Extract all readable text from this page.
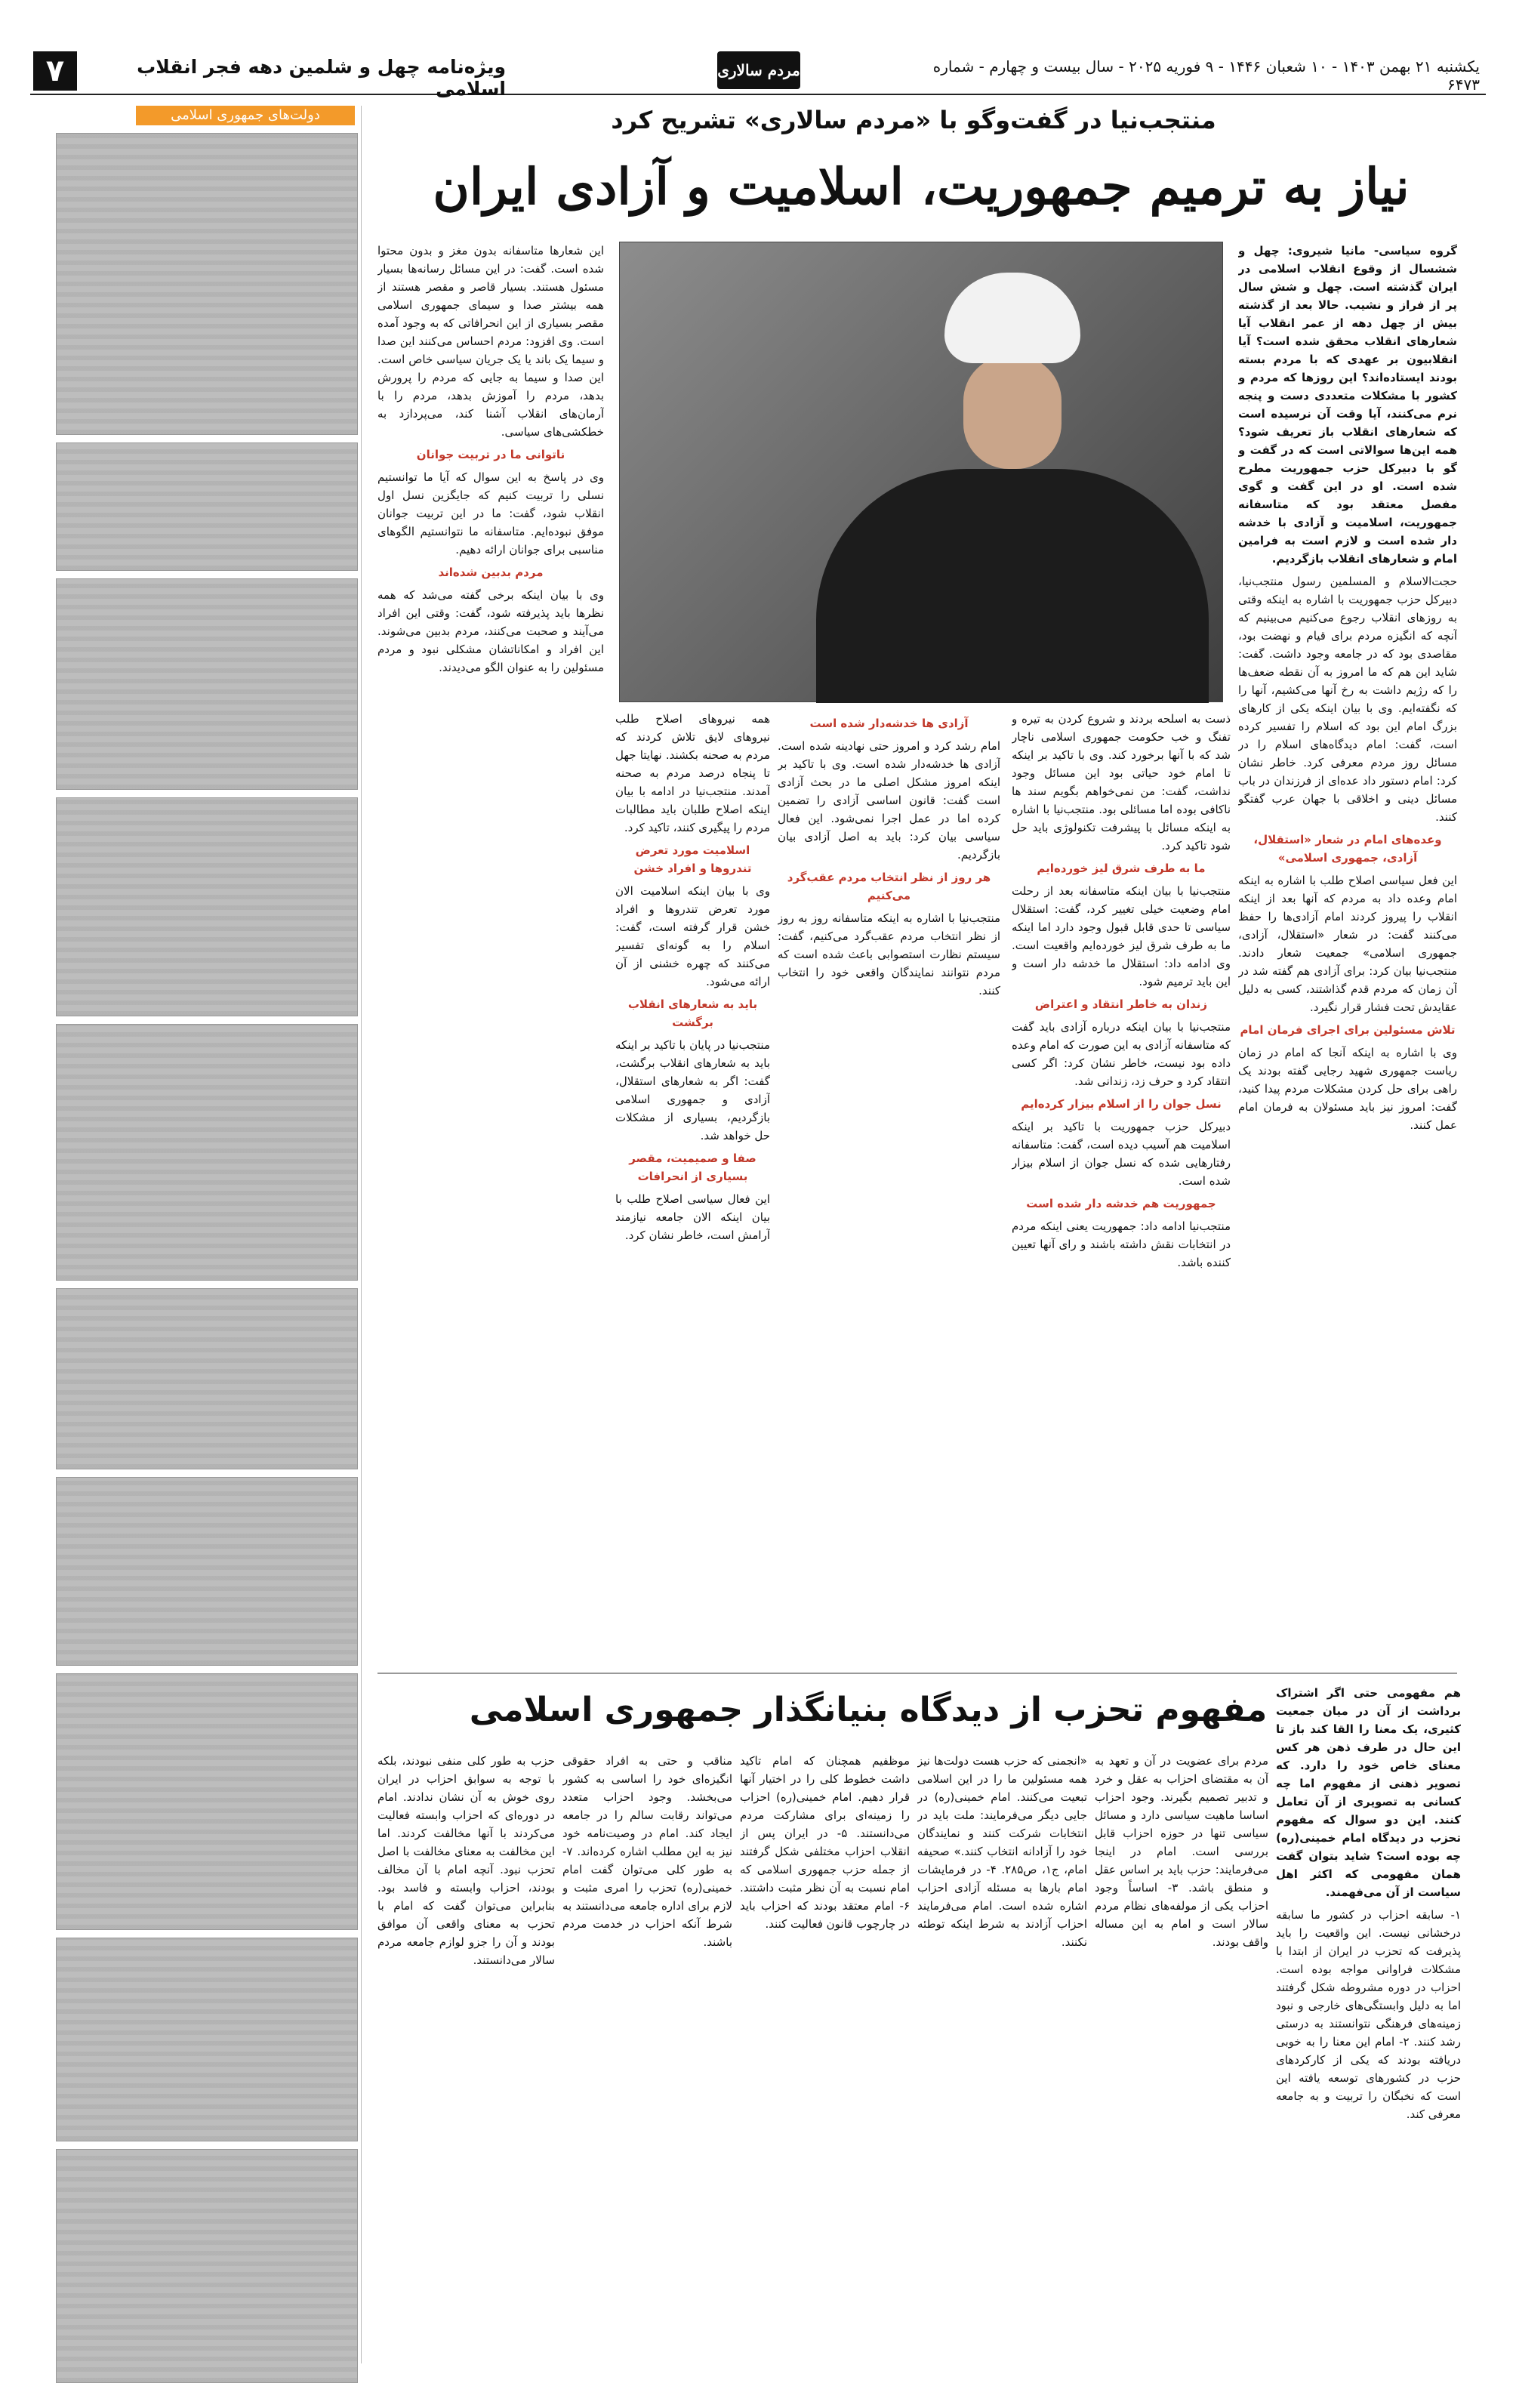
۷	ویژه‌نامه چهل و شلمین دهه فجر انقلاب اسلامی
مردم سالاری	یکشنبه ۲۱ بهمن ۱۴۰۳ - ۱۰ شعبان ۱۴۴۶ - ۹ فوریه ۲۰۲۵ - سال بیست و چهارم - شماره ۶۴۷۳
دولت‌های جمهوری اسلامی	منتجب‌نیا در گفت‌وگو با «مردم سالاری» تشریح کرد
نیاز به ترمیم جمهوریت، اسلامیت و آزادی ایران

گروه سیاسی- مانیا شیروی: چهل و ششسال از وقوع انقلاب اسلامی در ایران گذشته است. چهل و شش سال پر از فراز و نشیب. حالا بعد از گذشته بیش از چهل دهه از عمر انقلاب آیا شعارهای انقلاب محقق شده است؟ آیا انقلابیون بر عهدی که با مردم بسته بودند ایستاده‌اند؟ این روزها که مردم و کشور با مشکلات متعددی دست و پنجه نرم می‌کنند، آیا وقت آن نرسیده است که شعارهای انقلاب باز تعریف شود؟ همه این‌ها سوالاتی است که در گفت و گو با دبیرکل حزب جمهوریت مطرح شده است. او در این گفت و گوی مفصل معتقد بود که متاسفانه جمهوریت، اسلامیت و آزادی با خدشه دار شده است و لازم است به فرامین امام و شعارهای انقلاب بازگردیم.

حجت‌الاسلام و المسلمین رسول منتجب‌نیا، دبیرکل حزب جمهوریت با اشاره به اینکه وقتی به روزهای انقلاب رجوع می‌کنیم می‌بینیم که آنچه که انگیزه مردم برای قیام و نهضت بود، مقاصدی بود که در جامعه وجود داشت. گفت: شاید این هم که ما امروز به آن نقطه ضعف‌ها را که رژیم داشت به رخ آنها می‌کشیم، آنها را که نگفته‌ایم. وی با بیان اینکه یکی از کارهای بزرگ امام این بود که اسلام را تفسیر کرده است، گفت: امام دیدگاه‌های اسلام را در مسائل روز مردم معرفی کرد. خاطر نشان کرد: امام دستور داد عده‌ای از فرزندان در باب مسائل دینی و اخلاقی با جهان عرب گفتگو کنند.

وعده‌های امام در شعار «استقلال، آزادی، جمهوری اسلامی»

این فعل سیاسی اصلاح طلب با اشاره به اینکه امام وعده داد به مردم که آنها بعد از اینکه انقلاب را پیروز کردند امام آزادی‌ها را حفظ می‌کنند گفت: در شعار «استقلال، آزادی، جمهوری اسلامی» جمعیت شعار دادند. منتجب‌نیا بیان کرد: برای آزادی هم گفته شد در آن زمان که مردم قدم گذاشتند، کسی به دلیل عقایدش تحت فشار قرار نگیرد.

تلاش مسئولین برای اجرای فرمان امام

وی با اشاره به اینکه آنجا که امام در زمان ریاست جمهوری شهید رجایی گفته بودند یک راهی برای حل کردن مشکلات مردم پیدا کنید، گفت: امروز نیز باید مسئولان به فرمان امام عمل کنند.

ذست به اسلحه بردند و شروع کردن به تیره و تفنگ و خب حکومت جمهوری اسلامی ناچار شد که با آنها برخورد کند. وی با تاکید بر اینکه تا امام خود حیاتی بود این مسائل وجود نداشت، گفت: من نمی‌خواهم بگویم سند ها ناکافی بوده اما مسائلی بود. منتجب‌نیا با اشاره به اینکه مسائل با پیشرفت تکنولوژی باید حل شود تاکید کرد.

ما به طرف شرق لیز خورده‌ایم

منتجب‌نیا با بیان اینکه متاسفانه بعد از رحلت امام وضعیت خیلی تغییر کرد، گفت: استقلال سیاسی تا حدی قابل قبول وجود دارد اما اینکه ما به طرف شرق لیز خورده‌ایم واقعیت است. وی ادامه داد: استقلال ما خدشه دار است و این باید ترمیم شود.

زندان به خاطر انتقاد و اعتراض

منتجب‌نیا با بیان اینکه درباره آزادی باید گفت که متاسفانه آزادی به این صورت که امام وعده داده بود نیست، خاطر نشان کرد: اگر کسی انتقاد کرد و حرف زد، زندانی شد.

نسل جوان را از اسلام بیزار کرده‌ایم

دبیرکل حزب جمهوریت با تاکید بر اینکه اسلامیت هم آسیب دیده است، گفت: متاسفانه رفتارهایی شده که نسل جوان از اسلام بیزار شده است.

جمهوریت هم خدشه دار شده است

منتجب‌نیا ادامه داد: جمهوریت یعنی اینکه مردم در انتخابات نقش داشته باشند و رای آنها تعیین کننده باشد.

آزادی ها خدشه‌دار شده است

امام رشد کرد و امروز حتی نهادینه شده است. آزادی ها خدشه‌دار شده است. وی با تاکید بر اینکه امروز مشکل اصلی ما در بحث آزادی است گفت: قانون اساسی آزادی را تضمین کرده اما در عمل اجرا نمی‌شود. این فعال سیاسی بیان کرد: باید به اصل آزادی بیان بازگردیم.

هر روز از نظر انتخاب مردم عقب‌گرد می‌کنیم

منتجب‌نیا با اشاره به اینکه متاسفانه روز به روز از نظر انتخاب مردم عقب‌گرد می‌کنیم، گفت: سیستم نظارت استصوابی باعث شده است که مردم نتوانند نمایندگان واقعی خود را انتخاب کنند.

همه نیروهای اصلاح طلب نیروهای لایق تلاش کردند که مردم به صحنه بکشند. نهایتا جهل تا پنجاه درصد مردم به صحنه آمدند. منتجب‌نیا در ادامه با بیان اینکه اصلاح طلبان باید مطالبات مردم را پیگیری کنند، تاکید کرد.

اسلامیت مورد تعرض تندروها و افراد خشن

وی با بیان اینکه اسلامیت الان مورد تعرض تندروها و افراد خشن قرار گرفته است، گفت: اسلام را به گونه‌ای تفسیر می‌کنند که چهره خشنی از آن ارائه می‌شود.

باید به شعارهای انقلاب برگشت

منتجب‌نیا در پایان با تاکید بر اینکه باید به شعارهای انقلاب برگشت، گفت: اگر به شعارهای استقلال، آزادی و جمهوری اسلامی بازگردیم، بسیاری از مشکلات حل خواهد شد.

صفا و صمیمیت، مقصر بسیاری از انحرافات

این فعال سیاسی اصلاح طلب با بیان اینکه الان جامعه نیازمند آرامش است، خاطر نشان کرد.

این شعارها متاسفانه بدون مغز و بدون محتوا شده است. گفت: در این مسائل رسانه‌ها بسیار مسئول هستند. بسیار قاصر و مقصر هستند از همه بیشتر صدا و سیمای جمهوری اسلامی مقصر بسیاری از این انحرافاتی که به وجود آمده است. وی افزود: مردم احساس می‌کنند این صدا و سیما یک باند یا یک جریان سیاسی خاص است. این صدا و سیما به جایی که مردم را پرورش بدهد، مردم را آموزش بدهد، مردم را با آرمان‌های انقلاب آشنا کند، می‌پردازد به خطکشی‌های سیاسی.

ناتوانی ما در تربیت جوانان

وی در پاسخ به این سوال که آیا ما توانستیم نسلی را تربیت کنیم که جایگزین نسل اول انقلاب شود، گفت: ما در این تربیت جوانان موفق نبوده‌ایم. متاسفانه ما نتوانستیم الگوهای مناسبی برای جوانان ارائه دهیم.

مردم بدبین شده‌اند

وی با بیان اینکه برخی گفته می‌شد که همه نظرها باید پذیرفته شود، گفت: وقتی این افراد می‌آیند و صحبت می‌کنند، مردم بدبین می‌شوند. این افراد و امکاناتشان مشکلی نبود و مردم مسئولین را به عنوان الگو می‌دیدند.

مفهوم تحزب از دیدگاه بنیانگذار جمهوری اسلامی هم مفهومی حتی اگر اشتراک برداشت از آن در میان جمعیت کثیری، یک معنا را القا کند باز تا این حال در طرف ذهن هر کس معنای خاص خود را دارد. که تصویر ذهنی از مفهوم اما چه کسانی به تصویری از آن تعامل کنند. این دو سوال که مفهوم تحزب در دیدگاه امام خمینی(ره) چه بوده است؟ شاید بتوان گفت همان مفهومی که اکثر اهل سیاست از آن می‌فهمند.

۱- سابقه احزاب در کشور ما سابقه درخشانی نیست. این واقعیت را باید پذیرفت که تحزب در ایران از ابتدا با مشکلات فراوانی مواجه بوده است. احزاب در دوره مشروطه شکل گرفتند اما به دلیل وابستگی‌های خارجی و نبود زمینه‌های فرهنگی نتوانستند به درستی رشد کنند. ۲- امام این معنا را به خوبی دریافته بودند که یکی از کارکردهای حزب در کشورهای توسعه یافته این است که نخبگان را تربیت و به جامعه معرفی کند.

مردم برای عضویت در آن و تعهد به آن به مقتضای احزاب به عقل و خرد و تدبیر تصمیم بگیرند. وجود احزاب اساسا ماهیت سیاسی دارد و مسائل سیاسی تنها در حوزه احزاب قابل بررسی است. امام در اینجا می‌فرمایند: حزب باید بر اساس عقل و منطق باشد. ۳- اساساً وجود احزاب یکی از مولفه‌های نظام مردم سالار است و امام به این مساله واقف بودند.

«انجمنی که حزب هست دولت‌ها نیز همه مسئولین ما را در این اسلامی تبعیت می‌کنند. امام خمینی(ره) در جایی دیگر می‌فرمایند: ملت باید در انتخابات شرکت کنند و نمایندگان خود را آزادانه انتخاب کنند.» صحیفه امام، ج۱، ص۲۸۵. ۴- در فرمایشات امام بارها به مسئله آزادی احزاب اشاره شده است. امام می‌فرمایند احزاب آزادند به شرط اینکه توطئه نکنند.

موظفیم همچنان که امام تاکید داشت خطوط کلی را در اختیار آنها قرار دهیم. امام خمینی(ره) احزاب را زمینه‌ای برای مشارکت مردم می‌دانستند. ۵- در ایران پس از انقلاب احزاب مختلفی شکل گرفتند از جمله حزب جمهوری اسلامی که امام نسبت به آن نظر مثبت داشتند. ۶- امام معتقد بودند که احزاب باید در چارچوب قانون فعالیت کنند.

مناقب و حتی به افراد حقوقی انگیزه‌ای خود را اساسی به کشور می‌بخشد. وجود احزاب متعدد می‌تواند رقابت سالم را در جامعه ایجاد کند. امام در وصیت‌نامه خود نیز به این مطلب اشاره کرده‌اند. ۷- به طور کلی می‌توان گفت امام خمینی(ره) تحزب را امری مثبت و لازم برای اداره جامعه می‌دانستند به شرط آنکه احزاب در خدمت مردم باشند.

حزب به طور کلی منفی نبودند، بلکه با توجه به سوابق احزاب در ایران روی خوش به آن نشان ندادند. امام در دوره‌ای که احزاب وابسته فعالیت می‌کردند با آنها مخالفت کردند. اما این مخالفت به معنای مخالفت با اصل تحزب نبود. آنچه امام با آن مخالف بودند، احزاب وابسته و فاسد بود. بنابراین می‌توان گفت که امام با تحزب به معنای واقعی آن موافق بودند و آن را جزو لوازم جامعه مردم سالار می‌دانستند.
